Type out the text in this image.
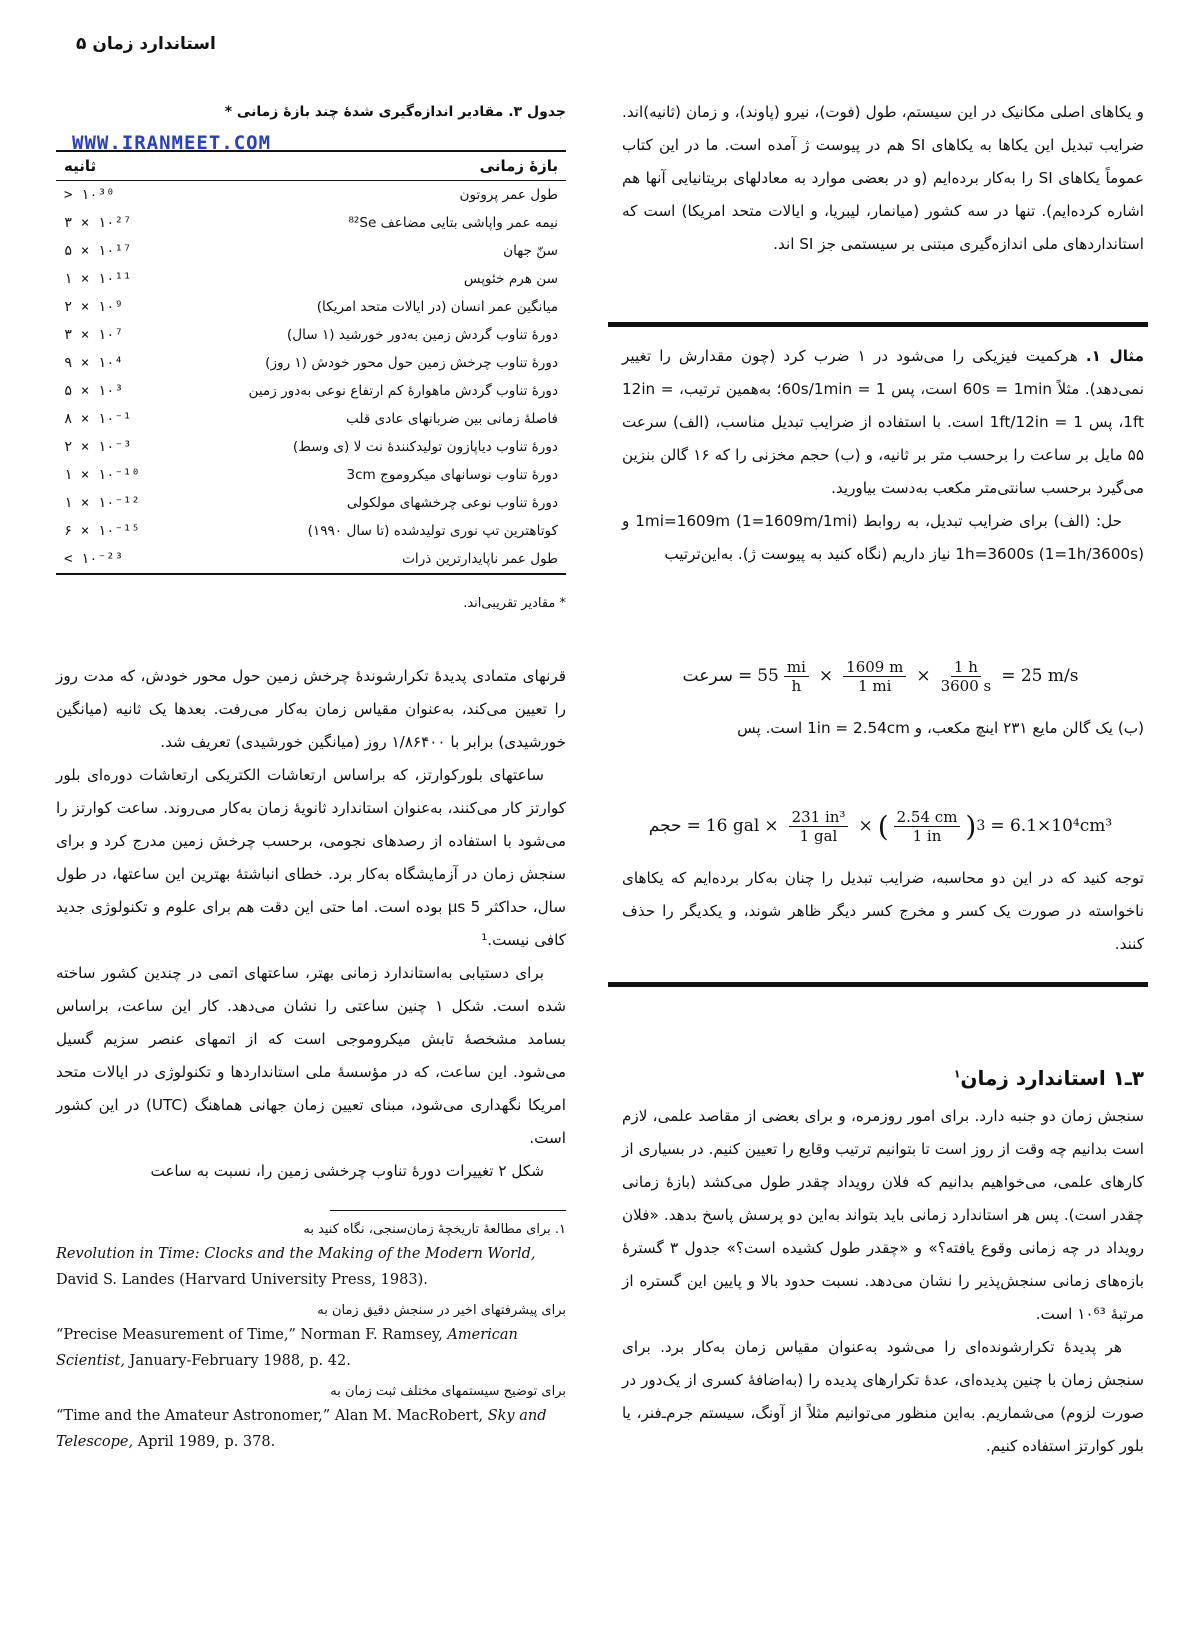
استاندارد زمان ۵
جدول ۳. مقادیر اندازه‌گیری شدهٔ چند بازهٔ زمانی *
WWW.IRANMEET.COM
بازهٔ زمانی
ثانیه
طول عمر پروتون
> ۱۰³⁰
نیمه عمر واپاشی بتایی مضاعف ⁸²Se
۳ × ۱۰²⁷
سنّ جهان
۵ × ۱۰¹⁷
سن هرم خئوپس
۱ × ۱۰¹¹
میانگین عمر انسان (در ایالات متحد امریکا)
۲ × ۱۰⁹
دورهٔ تناوب گردش زمین به‌دور خورشید (۱ سال)
۳ × ۱۰⁷
دورهٔ تناوب چرخش زمین حول محور خودش (۱ روز)
۹ × ۱۰⁴
دورهٔ تناوب گردش ماهوارهٔ کم ارتفاع نوعی به‌دور زمین
۵ × ۱۰³
فاصلهٔ زمانی بین ضربانهای عادی قلب
۸ × ۱۰⁻¹
دورهٔ تناوب دیاپازون تولیدکنندهٔ نت لا (ی وسط)
۲ × ۱۰⁻³
دورهٔ تناوب نوسانهای میکروموج 3cm
۱ × ۱۰⁻¹⁰
دورهٔ تناوب نوعی چرخشهای مولکولی
۱ × ۱۰⁻¹²
کوتاهترین تپ نوری تولیدشده (تا سال ۱۹۹۰)
۶ × ۱۰⁻¹⁵
طول عمر ناپایدارترین ذرات
< ۱۰⁻²³
* مقادیر تقریبی‌اند.

قرنهای متمادی پدیدهٔ تکرارشوندهٔ چرخش زمین حول محور خودش، که مدت روز را تعیین می‌کند، به‌عنوان مقیاس زمان به‌کار می‌رفت. بعدها یک ثانیه (میانگین خورشیدی) برابر با ۱/۸۶۴۰۰ روز (میانگین خورشیدی) تعریف شد.

ساعتهای بلورکوارتز، که براساس ارتعاشات الکتریکی ارتعاشات دوره‌ای بلور کوارتز کار می‌کنند، به‌عنوان استاندارد ثانویهٔ زمان به‌کار می‌روند. ساعت کوارتز را می‌شود با استفاده از رصدهای نجومی، برحسب چرخش زمین مدرج کرد و برای سنجش زمان در آزمایشگاه به‌کار برد. خطای انباشتهٔ بهترین این ساعتها، در طول سال، حداکثر 5 μs بوده است. اما حتی این دقت هم برای علوم و تکنولوژی جدید کافی نیست.¹

برای دستیابی به‌استاندارد زمانی بهتر، ساعتهای اتمی در چندین کشور ساخته شده است. شکل ۱ چنین ساعتی را نشان می‌دهد. کار این ساعت، براساس بسامد مشخصهٔ تابش میکروموجی است که از اتمهای عنصر سزیم گسیل می‌شود. این ساعت، که در مؤسسهٔ ملی استانداردها و تکنولوژی در ایالات متحد امریکا نگهداری می‌شود، مبنای تعیین زمان جهانی هماهنگ (UTC) در این کشور است.

شکل ۲ تغییرات دورهٔ تناوب چرخشی زمین را، نسبت به ساعت

۱. برای مطالعهٔ تاریخچهٔ زمان‌سنجی، نگاه کنید به

Revolution in Time: Clocks and the Making of the Modern World, David S. Landes (Harvard University Press, 1983).

برای پیشرفتهای اخیر در سنجش دقیق زمان به

“Precise Measurement of Time,” Norman F. Ramsey, American Scientist, January-February 1988, p. 42.

برای توضیح سیستمهای مختلف ثبت زمان به

“Time and the Amateur Astronomer,” Alan M. MacRobert, Sky and Telescope, April 1989, p. 378.

و یکاهای اصلی مکانیک در این سیستم، طول (فوت)، نیرو (پاوند)، و زمان (ثانیه)اند. ضرایب تبدیل این یکاها به یکاهای SI هم در پیوست ژ آمده است. ما در این کتاب عموماً یکاهای SI را به‌کار برده‌ایم (و در بعضی موارد به معادلهای بریتانیایی آنها هم اشاره کرده‌ایم). تنها در سه کشور (میانمار، لیبریا، و ایالات متحد امریکا) است که استانداردهای ملی اندازه‌گیری مبتنی بر سیستمی جز SI اند.

مثال ۱. هرکمیت فیزیکی را می‌شود در ۱ ضرب کرد (چون مقدارش را تغییر نمی‌دهد). مثلاً 60s = 1min است، پس 60s/1min = 1؛ به‌همین ترتیب، 12in = 1ft، پس 1ft/12in = 1 است. با استفاده از ضرایب تبدیل مناسب، (الف) سرعت ۵۵ مایل بر ساعت را برحسب متر بر ثانیه، و (ب) حجم مخزنی را که ۱۶ گالن بنزین می‌گیرد برحسب سانتی‌متر مکعب به‌دست بیاورید.

حل: (الف) برای ضرایب تبدیل، به روابط 1mi=1609m (1=1609m/1mi) و 1h=3600s (1=1h/3600s) نیاز داریم (نگاه کنید به پیوست ژ). به‌این‌ترتیب

سرعت = $55 \frac{mi}{h} \times \frac{1609 m}{1 mi} \times \frac{1 h}{3600 s} = 25$ m/s

(ب) یک گالن مایع ۲۳۱ اینچ مکعب، و 1in = 2.54cm است. پس

حجم = 16 gal × $\frac{\text{231 in³}}{\text{1 gal}}$ × ( $\frac{2.54 cm}{1 in}$ ) 3 = 6.1×10⁴cm³

توجه کنید که در این دو محاسبه، ضرایب تبدیل را چنان به‌کار برده‌ایم که یکاهای ناخواسته در صورت یک کسر و مخرج کسر دیگر ظاهر شوند، و یکدیگر را حذف کنند.

۳ـ۱ استاندارد زمان$^۱$

سنجش زمان دو جنبه دارد. برای امور روزمره، و برای بعضی از مقاصد علمی، لازم است بدانیم چه وقت از روز است تا بتوانیم ترتیب وقایع را تعیین کنیم. در بسیاری از کارهای علمی، می‌خواهیم بدانیم که فلان رویداد چقدر طول می‌کشد (بازهٔ زمانی چقدر است). پس هر استاندارد زمانی باید بتواند به‌این دو پرسش پاسخ بدهد. «فلان رویداد در چه زمانی وقوع یافته؟» و «چقدر طول کشیده است؟» جدول ۳ گسترهٔ بازه‌های زمانی سنجش‌پذیر را نشان می‌دهد. نسبت حدود بالا و پایین این گستره از مرتبهٔ ۱۰⁶³ است.

هر پدیدهٔ تکرارشونده‌ای را می‌شود به‌عنوان مقیاس زمان به‌کار برد. برای سنجش زمان با چنین پدیده‌ای، عدهٔ تکرارهای پدیده را (به‌اضافهٔ کسری از یک‌دور در صورت لزوم) می‌شماریم. به‌این منظور می‌توانیم مثلاً از آونگ، سیستم جرم‌ـ‌فنر، یا بلور کوارتز استفاده کنیم.
